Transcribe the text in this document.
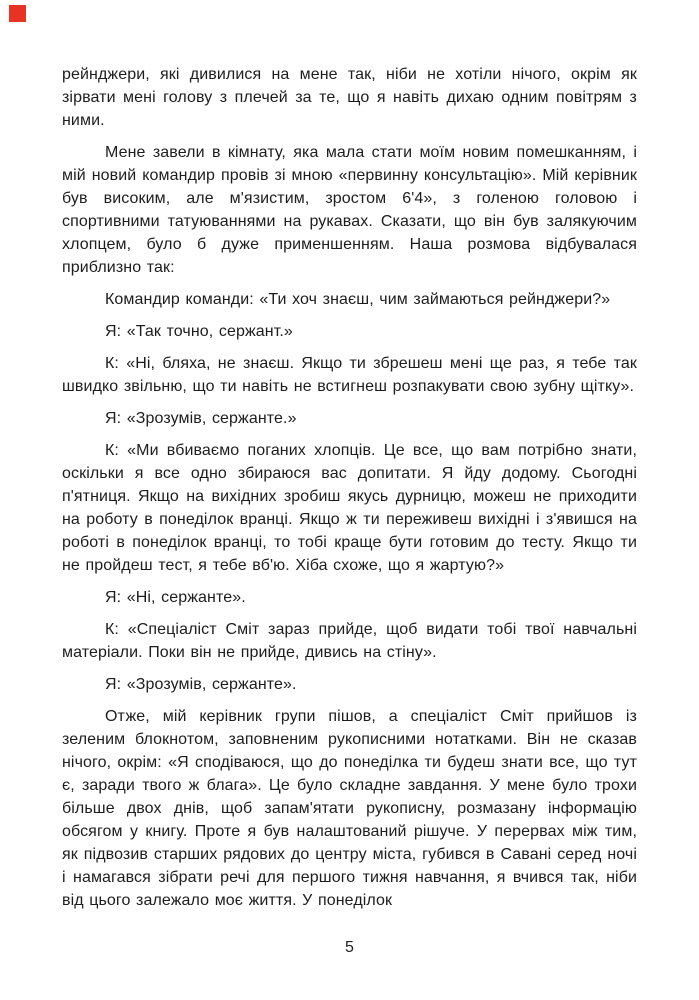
рейнджери, які дивилися на мене так, ніби не хотіли нічого, окрім як зірвати мені голову з плечей за те, що я навіть дихаю одним повітрям з ними.

Мене завели в кімнату, яка мала стати моїм новим помешканням, і мій новий командир провів зі мною «первинну консультацію». Мій керівник був високим, але м'язистим, зростом 6'4», з голеною головою і спортивними татуюваннями на рукавах. Сказати, що він був залякуючим хлопцем, було б дуже применшенням. Наша розмова відбувалася приблизно так:

Командир команди: «Ти хоч знаєш, чим займаються рейнджери?»

Я: «Так точно, сержант.»

К: «Ні, бляха, не знаєш. Якщо ти збрешеш мені ще раз, я тебе так швидко звільню, що ти навіть не встигнеш розпакувати свою зубну щітку».

Я: «Зрозумів, сержанте.»

К: «Ми вбиваємо поганих хлопців. Це все, що вам потрібно знати, оскільки я все одно збираюся вас допитати. Я йду додому. Сьогодні п'ятниця. Якщо на вихідних зробиш якусь дурницю, можеш не приходити на роботу в понеділок вранці. Якщо ж ти переживеш вихідні і з'явишся на роботі в понеділок вранці, то тобі краще бути готовим до тесту. Якщо ти не пройдеш тест, я тебе вб'ю. Хіба схоже, що я жартую?»

Я: «Ні, сержанте».

К: «Спеціаліст Сміт зараз прийде, щоб видати тобі твої навчальні матеріали. Поки він не прийде, дивись на стіну».

Я: «Зрозумів, сержанте».

Отже, мій керівник групи пішов, а спеціаліст Сміт прийшов із зеленим блокнотом, заповненим рукописними нотатками. Він не сказав нічого, окрім: «Я сподіваюся, що до понеділка ти будеш знати все, що тут є, заради твого ж блага». Це було складне завдання. У мене було трохи більше двох днів, щоб запам'ятати рукописну, розмазану інформацію обсягом у книгу. Проте я був налаштований рішуче. У перервах між тим, як підвозив старших рядових до центру міста, губився в Савані серед ночі і намагався зібрати речі для першого тижня навчання, я вчився так, ніби від цього залежало моє життя. У понеділок

5
